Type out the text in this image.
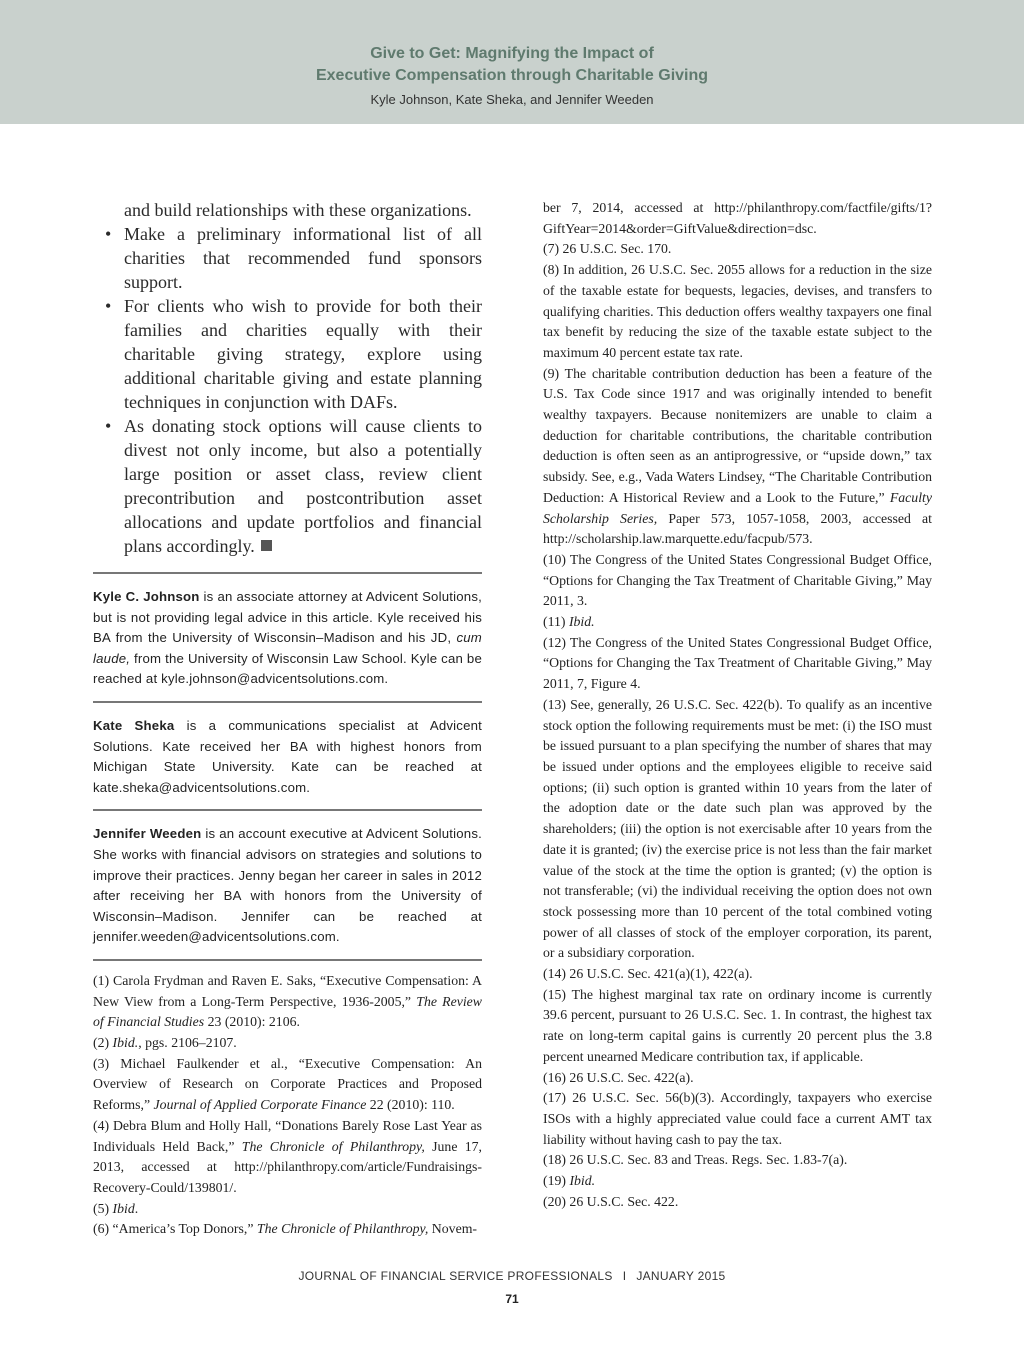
Give to Get: Magnifying the Impact of
Executive Compensation through Charitable Giving
Kyle Johnson, Kate Sheka, and Jennifer Weeden

and build relationships with these organizations.

• Make a preliminary informational list of all charities that recommended fund sponsors support.
• For clients who wish to provide for both their families and charities equally with their charitable giving strategy, explore using additional charitable giving and estate planning techniques in conjunction with DAFs.
• As donating stock options will cause clients to divest not only income, but also a potentially large position or asset class, review client precontribution and postcontribution asset allocations and update portfolios and financial plans accordingly.
Kyle C. Johnson is an associate attorney at Advicent Solutions, but is not providing legal advice in this article. Kyle received his BA from the University of Wisconsin–Madison and his JD, cum laude, from the University of Wisconsin Law School. Kyle can be reached at kyle.johnson@advicentsolutions.com.
Kate Sheka is a communications specialist at Advicent Solutions. Kate received her BA with highest honors from Michigan State University. Kate can be reached at kate.sheka@advicentsolutions.com.
Jennifer Weeden is an account executive at Advicent Solutions. She works with financial advisors on strategies and solutions to improve their practices. Jenny began her career in sales in 2012 after receiving her BA with honors from the University of Wisconsin–Madison. Jennifer can be reached at jennifer.weeden@advicentsolutions.com.

(1) Carola Frydman and Raven E. Saks, “Executive Compensation: A New View from a Long-Term Perspective, 1936-2005,” The Review of Financial Studies 23 (2010): 2106.

(2) Ibid., pgs. 2106–2107.

(3) Michael Faulkender et al., “Executive Compensation: An Overview of Research on Corporate Practices and Proposed Reforms,” Journal of Applied Corporate Finance 22 (2010): 110.

(4) Debra Blum and Holly Hall, “Donations Barely Rose Last Year as Individuals Held Back,” The Chronicle of Philanthropy, June 17, 2013, accessed at http://philanthropy.com/article/Fundraisings-Recovery-Could/139801/.

(5) Ibid.

(6) “America’s Top Donors,” The Chronicle of Philanthropy, Novem-

ber 7, 2014, accessed at http://philanthropy.com/factfile/gifts/1?GiftYear=2014&order=GiftValue&direction=dsc.

(7) 26 U.S.C. Sec. 170.

(8) In addition, 26 U.S.C. Sec. 2055 allows for a reduction in the size of the taxable estate for bequests, legacies, devises, and transfers to qualifying charities. This deduction offers wealthy taxpayers one final tax benefit by reducing the size of the taxable estate subject to the maximum 40 percent estate tax rate.

(9) The charitable contribution deduction has been a feature of the U.S. Tax Code since 1917 and was originally intended to benefit wealthy taxpayers. Because nonitemizers are unable to claim a deduction for charitable contributions, the charitable contribution deduction is often seen as an antiprogressive, or “upside down,” tax subsidy. See, e.g., Vada Waters Lindsey, “The Charitable Contribution Deduction: A Historical Review and a Look to the Future,” Faculty Scholarship Series, Paper 573, 1057-1058, 2003, accessed at http://scholarship.law.marquette.edu/facpub/573.

(10) The Congress of the United States Congressional Budget Office, “Options for Changing the Tax Treatment of Charitable Giving,” May 2011, 3.

(11) Ibid.

(12) The Congress of the United States Congressional Budget Office, “Options for Changing the Tax Treatment of Charitable Giving,” May 2011, 7, Figure 4.

(13) See, generally, 26 U.S.C. Sec. 422(b). To qualify as an incentive stock option the following requirements must be met: (i) the ISO must be issued pursuant to a plan specifying the number of shares that may be issued under options and the employees eligible to receive said options; (ii) such option is granted within 10 years from the later of the adoption date or the date such plan was approved by the shareholders; (iii) the option is not exercisable after 10 years from the date it is granted; (iv) the exercise price is not less than the fair market value of the stock at the time the option is granted; (v) the option is not transferable; (vi) the individual receiving the option does not own stock possessing more than 10 percent of the total combined voting power of all classes of stock of the employer corporation, its parent, or a subsidiary corporation.

(14) 26 U.S.C. Sec. 421(a)(1), 422(a).

(15) The highest marginal tax rate on ordinary income is currently 39.6 percent, pursuant to 26 U.S.C. Sec. 1. In contrast, the highest tax rate on long-term capital gains is currently 20 percent plus the 3.8 percent unearned Medicare contribution tax, if applicable.

(16) 26 U.S.C. Sec. 422(a).

(17) 26 U.S.C. Sec. 56(b)(3). Accordingly, taxpayers who exercise ISOs with a highly appreciated value could face a current AMT tax liability without having cash to pay the tax.

(18) 26 U.S.C. Sec. 83 and Treas. Regs. Sec. 1.83-7(a).

(19) Ibid.

(20) 26 U.S.C. Sec. 422.

JOURNAL OF FINANCIAL SERVICE PROFESSIONALS I JANUARY 2015
71
